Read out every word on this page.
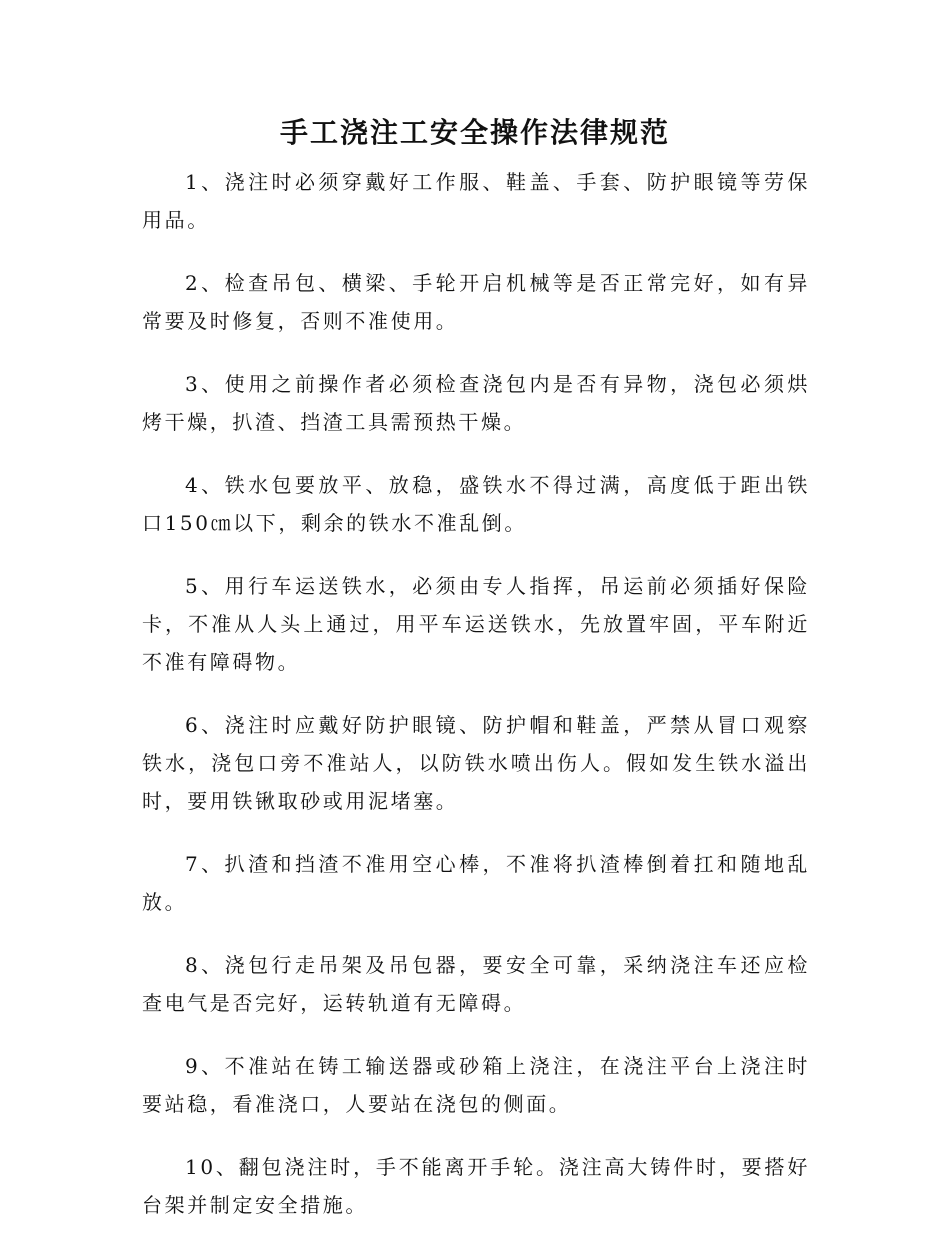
手工浇注工安全操作法律规范

1、浇注时必须穿戴好工作服、鞋盖、手套、防护眼镜等劳保用品。

2、检查吊包、横梁、手轮开启机械等是否正常完好，如有异常要及时修复，否则不准使用。

3、使用之前操作者必须检查浇包内是否有异物，浇包必须烘烤干燥，扒渣、挡渣工具需预热干燥。

4、铁水包要放平、放稳，盛铁水不得过满，高度低于距出铁口150㎝以下，剩余的铁水不准乱倒。

5、用行车运送铁水，必须由专人指挥，吊运前必须插好保险卡，不准从人头上通过，用平车运送铁水，先放置牢固，平车附近不准有障碍物。

6、浇注时应戴好防护眼镜、防护帽和鞋盖，严禁从冒口观察铁水，浇包口旁不准站人，以防铁水喷出伤人。假如发生铁水溢出时，要用铁锹取砂或用泥堵塞。

7、扒渣和挡渣不准用空心棒，不准将扒渣棒倒着扛和随地乱放。

8、浇包行走吊架及吊包器，要安全可靠，采纳浇注车还应检查电气是否完好，运转轨道有无障碍。

9、不准站在铸工输送器或砂箱上浇注，在浇注平台上浇注时要站稳，看准浇口，人要站在浇包的侧面。

10、翻包浇注时，手不能离开手轮。浇注高大铸件时，要搭好台架并制定安全措施。
